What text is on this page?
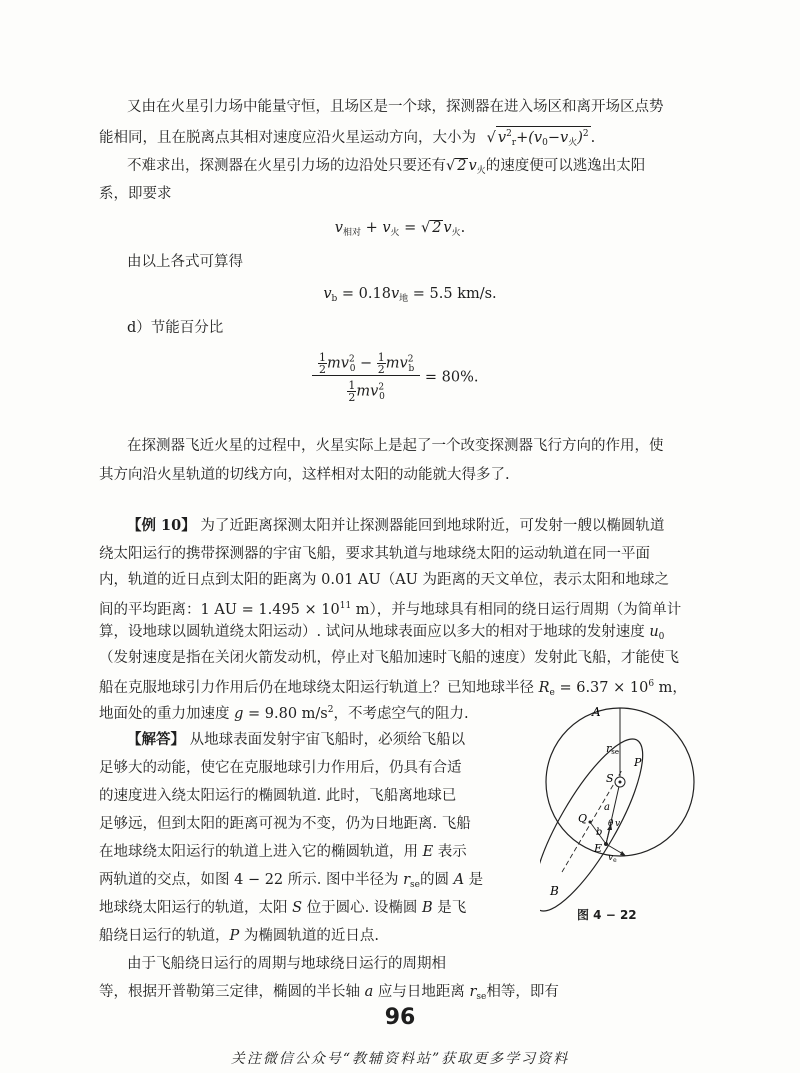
又由在火星引力场中能量守恒，且场区是一个球，探测器在进入场区和离开场区点势
能相同，且在脱离点其相对速度应沿火星运动方向，大小为 √ $v^2_r+(v_0-v_火)^2$ .
不难求出，探测器在火星引力场的边沿处只要还有√ 2 $v_火$的速度便可以逃逸出太阳
系，即要求
$v_{相对} + v_火$ = √ 2 $v_火$.
由以上各式可算得
$v_b = 0.18v_地 = 5.5$ km/s.
d）节能百分比
$\frac{\frac{1}{2} mv^2_0 - \frac{1}{2} mv^2_b}{\frac{1}{2} mv^2_0} = 80\%$.
在探测器飞近火星的过程中，火星实际上是起了一个改变探测器飞行方向的作用，使
其方向沿火星轨道的切线方向，这样相对太阳的动能就大得多了.
【例 10】 为了近距离探测太阳并让探测器能回到地球附近，可发射一艘以椭圆轨道
绕太阳运行的携带探测器的宇宙飞船，要求其轨道与地球绕太阳的运动轨道在同一平面
内，轨道的近日点到太阳的距离为 0.01 AU（AU 为距离的天文单位，表示太阳和地球之
间的平均距离：1 AU = $1.495 \times 10^{11}$ m），并与地球具有相同的绕日运行周期（为简单计
算，设地球以圆轨道绕太阳运动）. 试问从地球表面应以多大的相对于地球的发射速度 $u_0$
（发射速度是指在关闭火箭发动机，停止对飞船加速时飞船的速度）发射此飞船，才能使飞
船在克服地球引力作用后仍在地球绕太阳运行轨道上？已知地球半径 $R_e = 6.37 \times 10^6$ m，
地面处的重力加速度 g = 9.80 $m/s^2$，不考虑空气的阻力.
【解答】 从地球表面发射宇宙飞船时，必须给飞船以
足够大的动能，使它在克服地球引力作用后，仍具有合适
的速度进入绕太阳运行的椭圆轨道. 此时，飞船离地球已
足够远，但到太阳的距离可视为不变，仍为日地距离. 飞船
在地球绕太阳运行的轨道上进入它的椭圆轨道，用 E 表示
两轨道的交点，如图 4 − 22 所示. 图中半径为 $r_{se}$的圆 A 是
地球绕太阳运行的轨道，太阳 S 位于圆心. 设椭圆 B 是飞
船绕日运行的轨道，P 为椭圆轨道的近日点.
由于飞船绕日运行的周期与地球绕日运行的周期相
等，根据开普勒第三定律，椭圆的半长轴 a 应与日地距离 $r_{se}$相等，即有
A
B
P
S
Q
E
rse
a
b
θ v
$v_e$
图 4 − 22
96
关注微信公众号“教辅资料站”获取更多学习资料
